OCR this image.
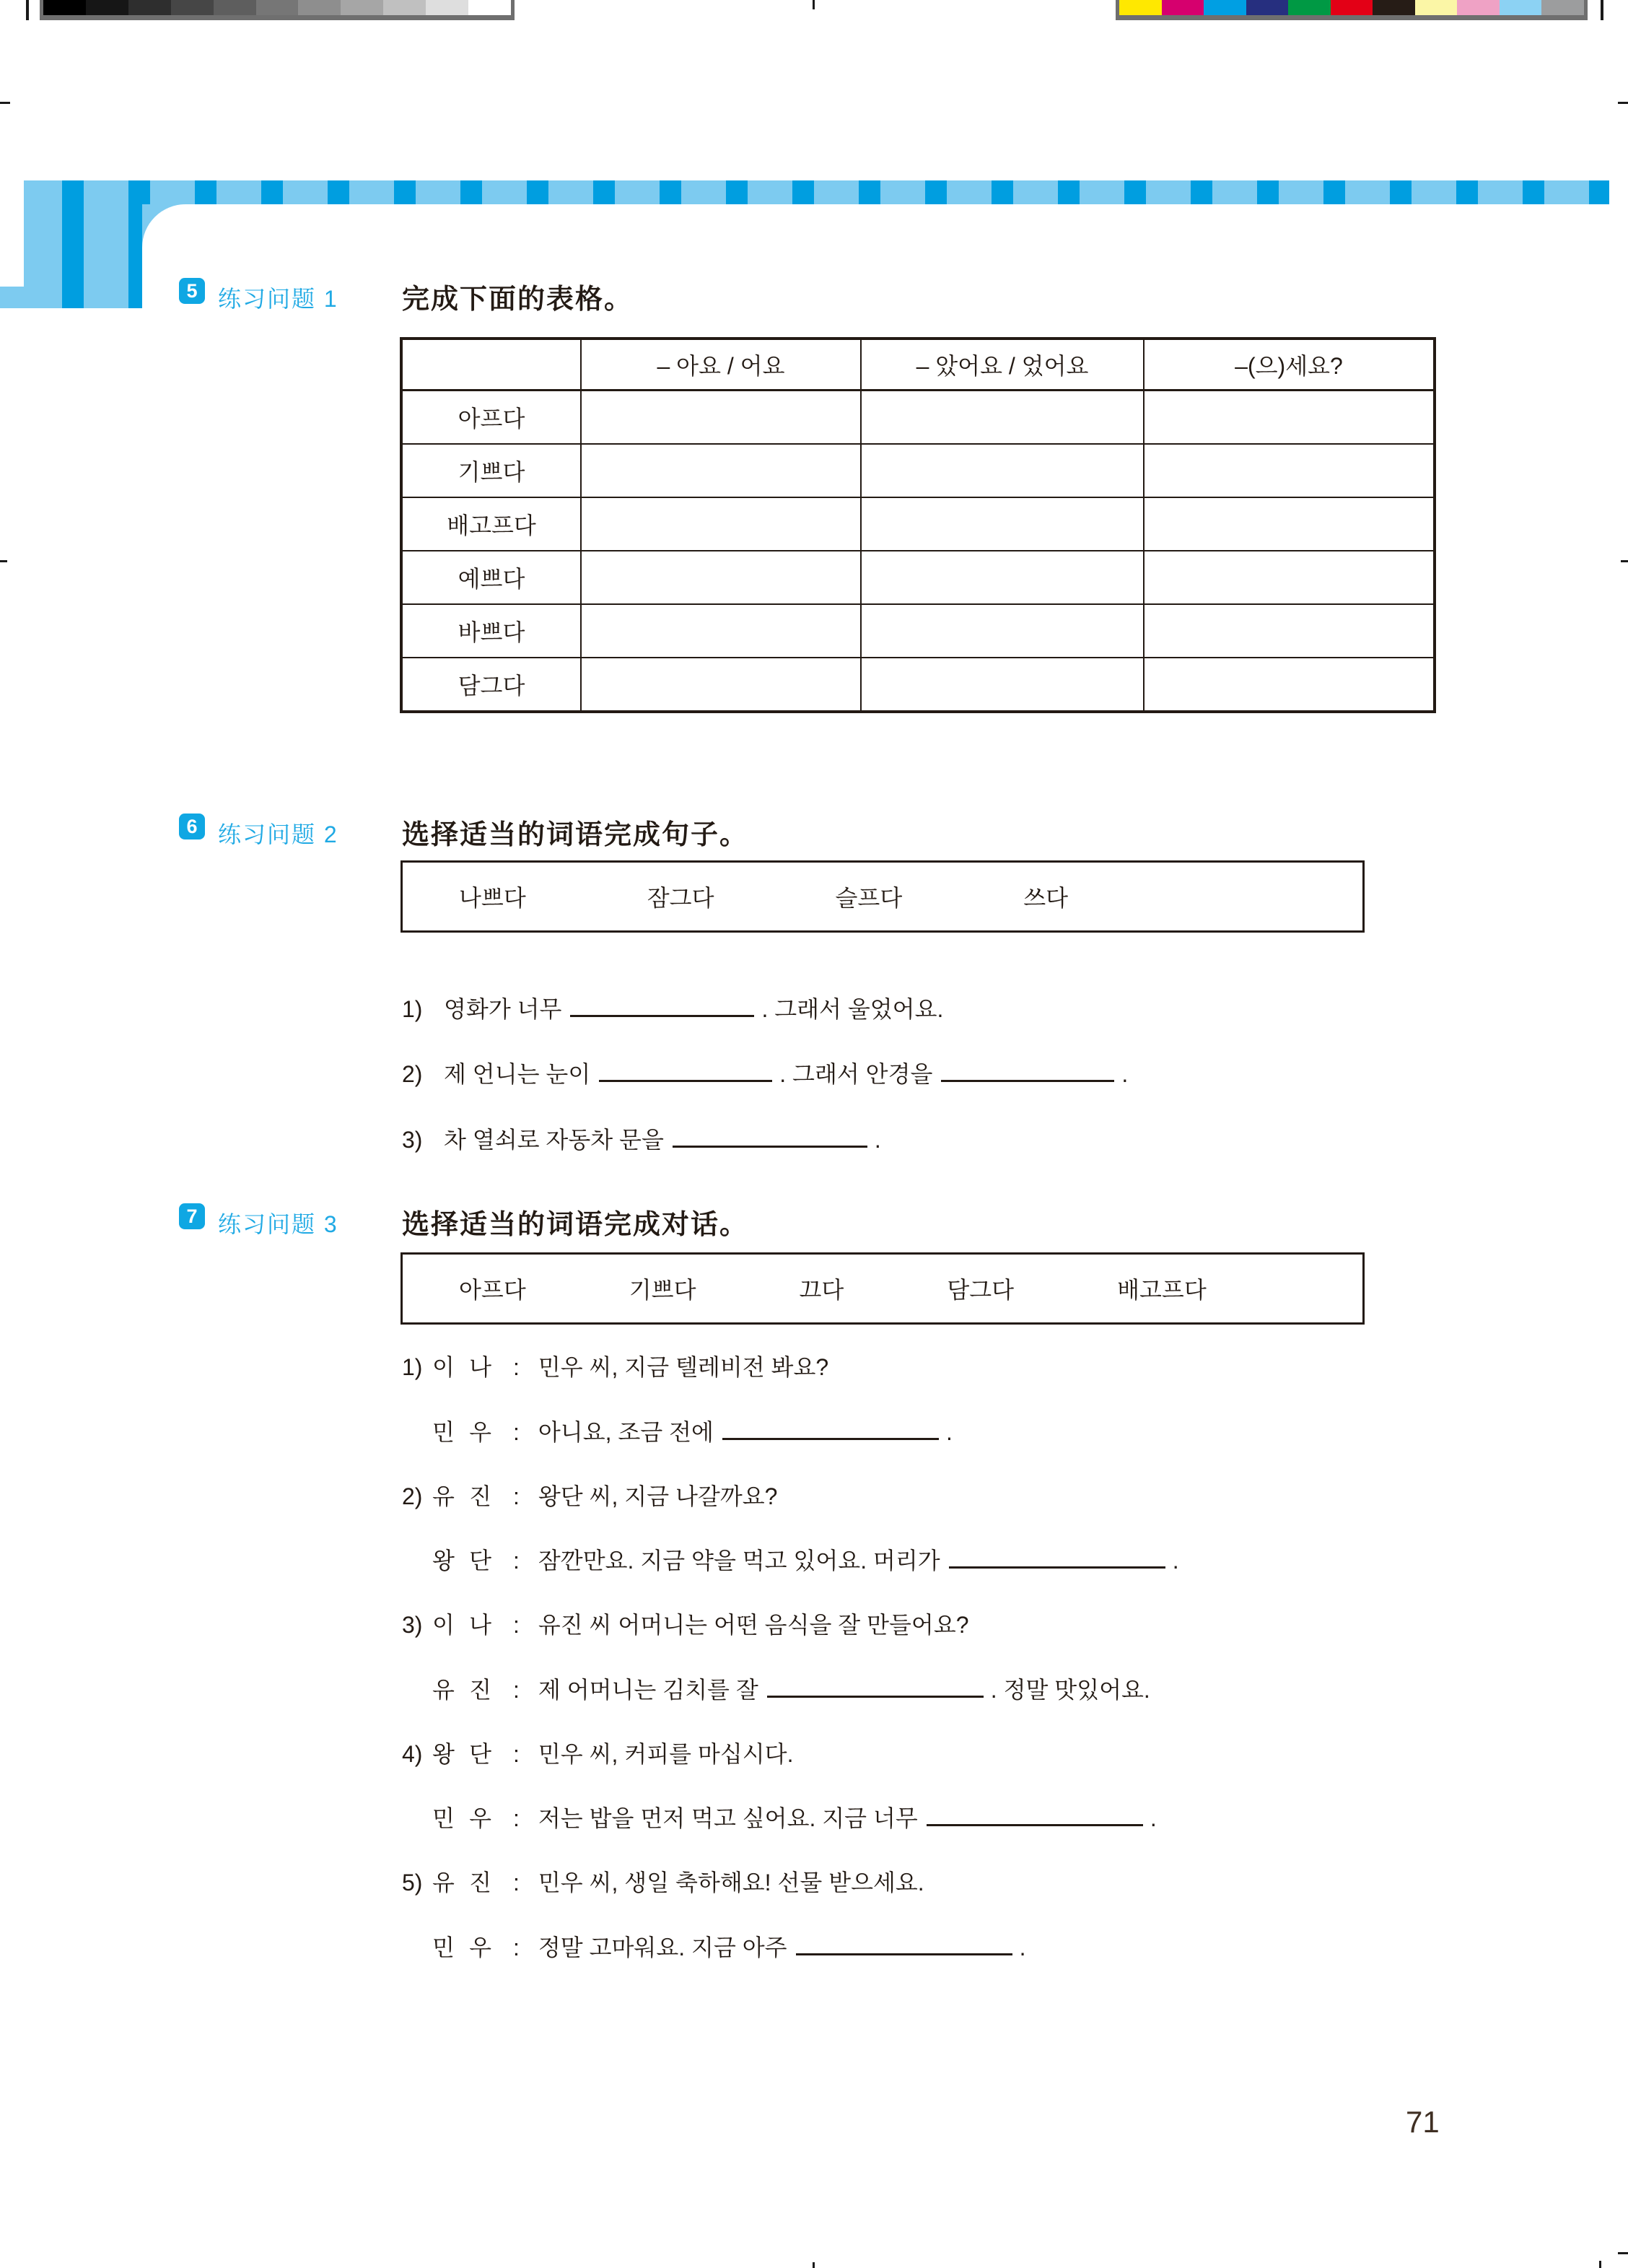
5 练习问题 1 完成下面的表格。
– 아요 / 어요	– 았어요 / 었어요	–(으)세요?
아프다
기쁘다
배고프다
예쁘다
바쁘다
담그다
6 练习问题 2 选择适当的词语完成句子。
나쁘다	잠그다	슬프다	쓰다
1) 영화가 너무	. 그래서 울었어요.
2) 제 언니는 눈이	. 그래서 안경을	.
3) 차 열쇠로 자동차 문을	.
7 练习问题 3 选择适当的词语完成对话。
아프다	기쁘다	끄다	담그다	배고프다
1) 이 나 : 민우 씨, 지금 텔레비전 봐요?
민 우 : 아니요, 조금 전에	.
2) 유 진 : 왕단 씨, 지금 나갈까요?
왕 단 : 잠깐만요. 지금 약을 먹고 있어요. 머리가	.
3) 이 나 : 유진 씨 어머니는 어떤 음식을 잘 만들어요?
유 진 : 제 어머니는 김치를 잘	. 정말 맛있어요.
4) 왕 단 : 민우 씨, 커피를 마십시다.
민 우 : 저는 밥을 먼저 먹고 싶어요. 지금 너무	.
5) 유 진 : 민우 씨, 생일 축하해요! 선물 받으세요.
민 우 : 정말 고마워요. 지금 아주	.
71
